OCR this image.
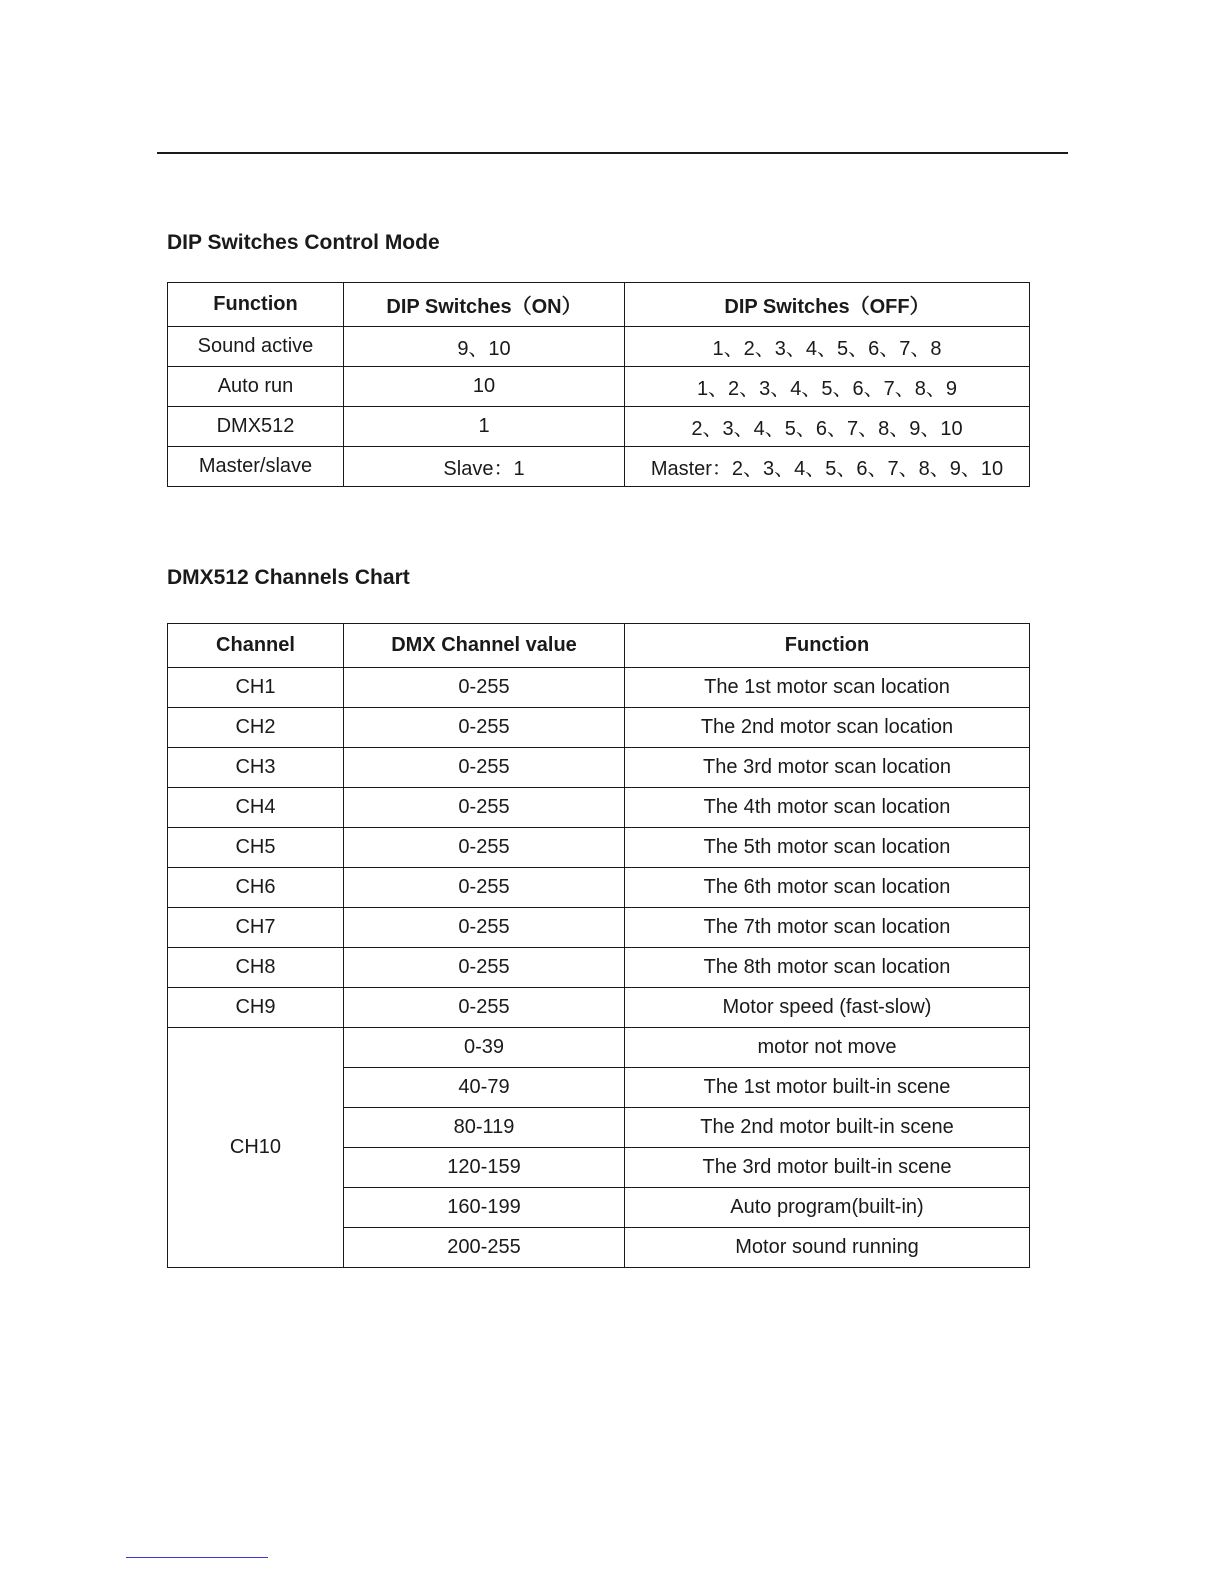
DIP Switches Control Mode
Function	DIP Switches（ON）	DIP Switches（OFF）
Sound active	9、10	1、2、3、4、5、6、7、8
Auto run	10	1、2、3、4、5、6、7、8、9
DMX512	1	2、3、4、5、6、7、8、9、10
Master/slave	Slave：1	Master：2、3、4、5、6、7、8、9、10
DMX512 Channels Chart
Channel	DMX Channel value	Function
CH1	0-255	The 1st motor scan location
CH2	0-255	The 2nd motor scan location
CH3	0-255	The 3rd motor scan location
CH4	0-255	The 4th motor scan location
CH5	0-255	The 5th motor scan location
CH6	0-255	The 6th motor scan location
CH7	0-255	The 7th motor scan location
CH8	0-255	The 8th motor scan location
CH9	0-255	Motor speed (fast-slow)
CH10	0-39	motor not move
	40-79	The 1st motor built-in scene
	80-119	The 2nd motor built-in scene
	120-159	The 3rd motor built-in scene
	160-199	Auto program(built-in)
	200-255	Motor sound running
